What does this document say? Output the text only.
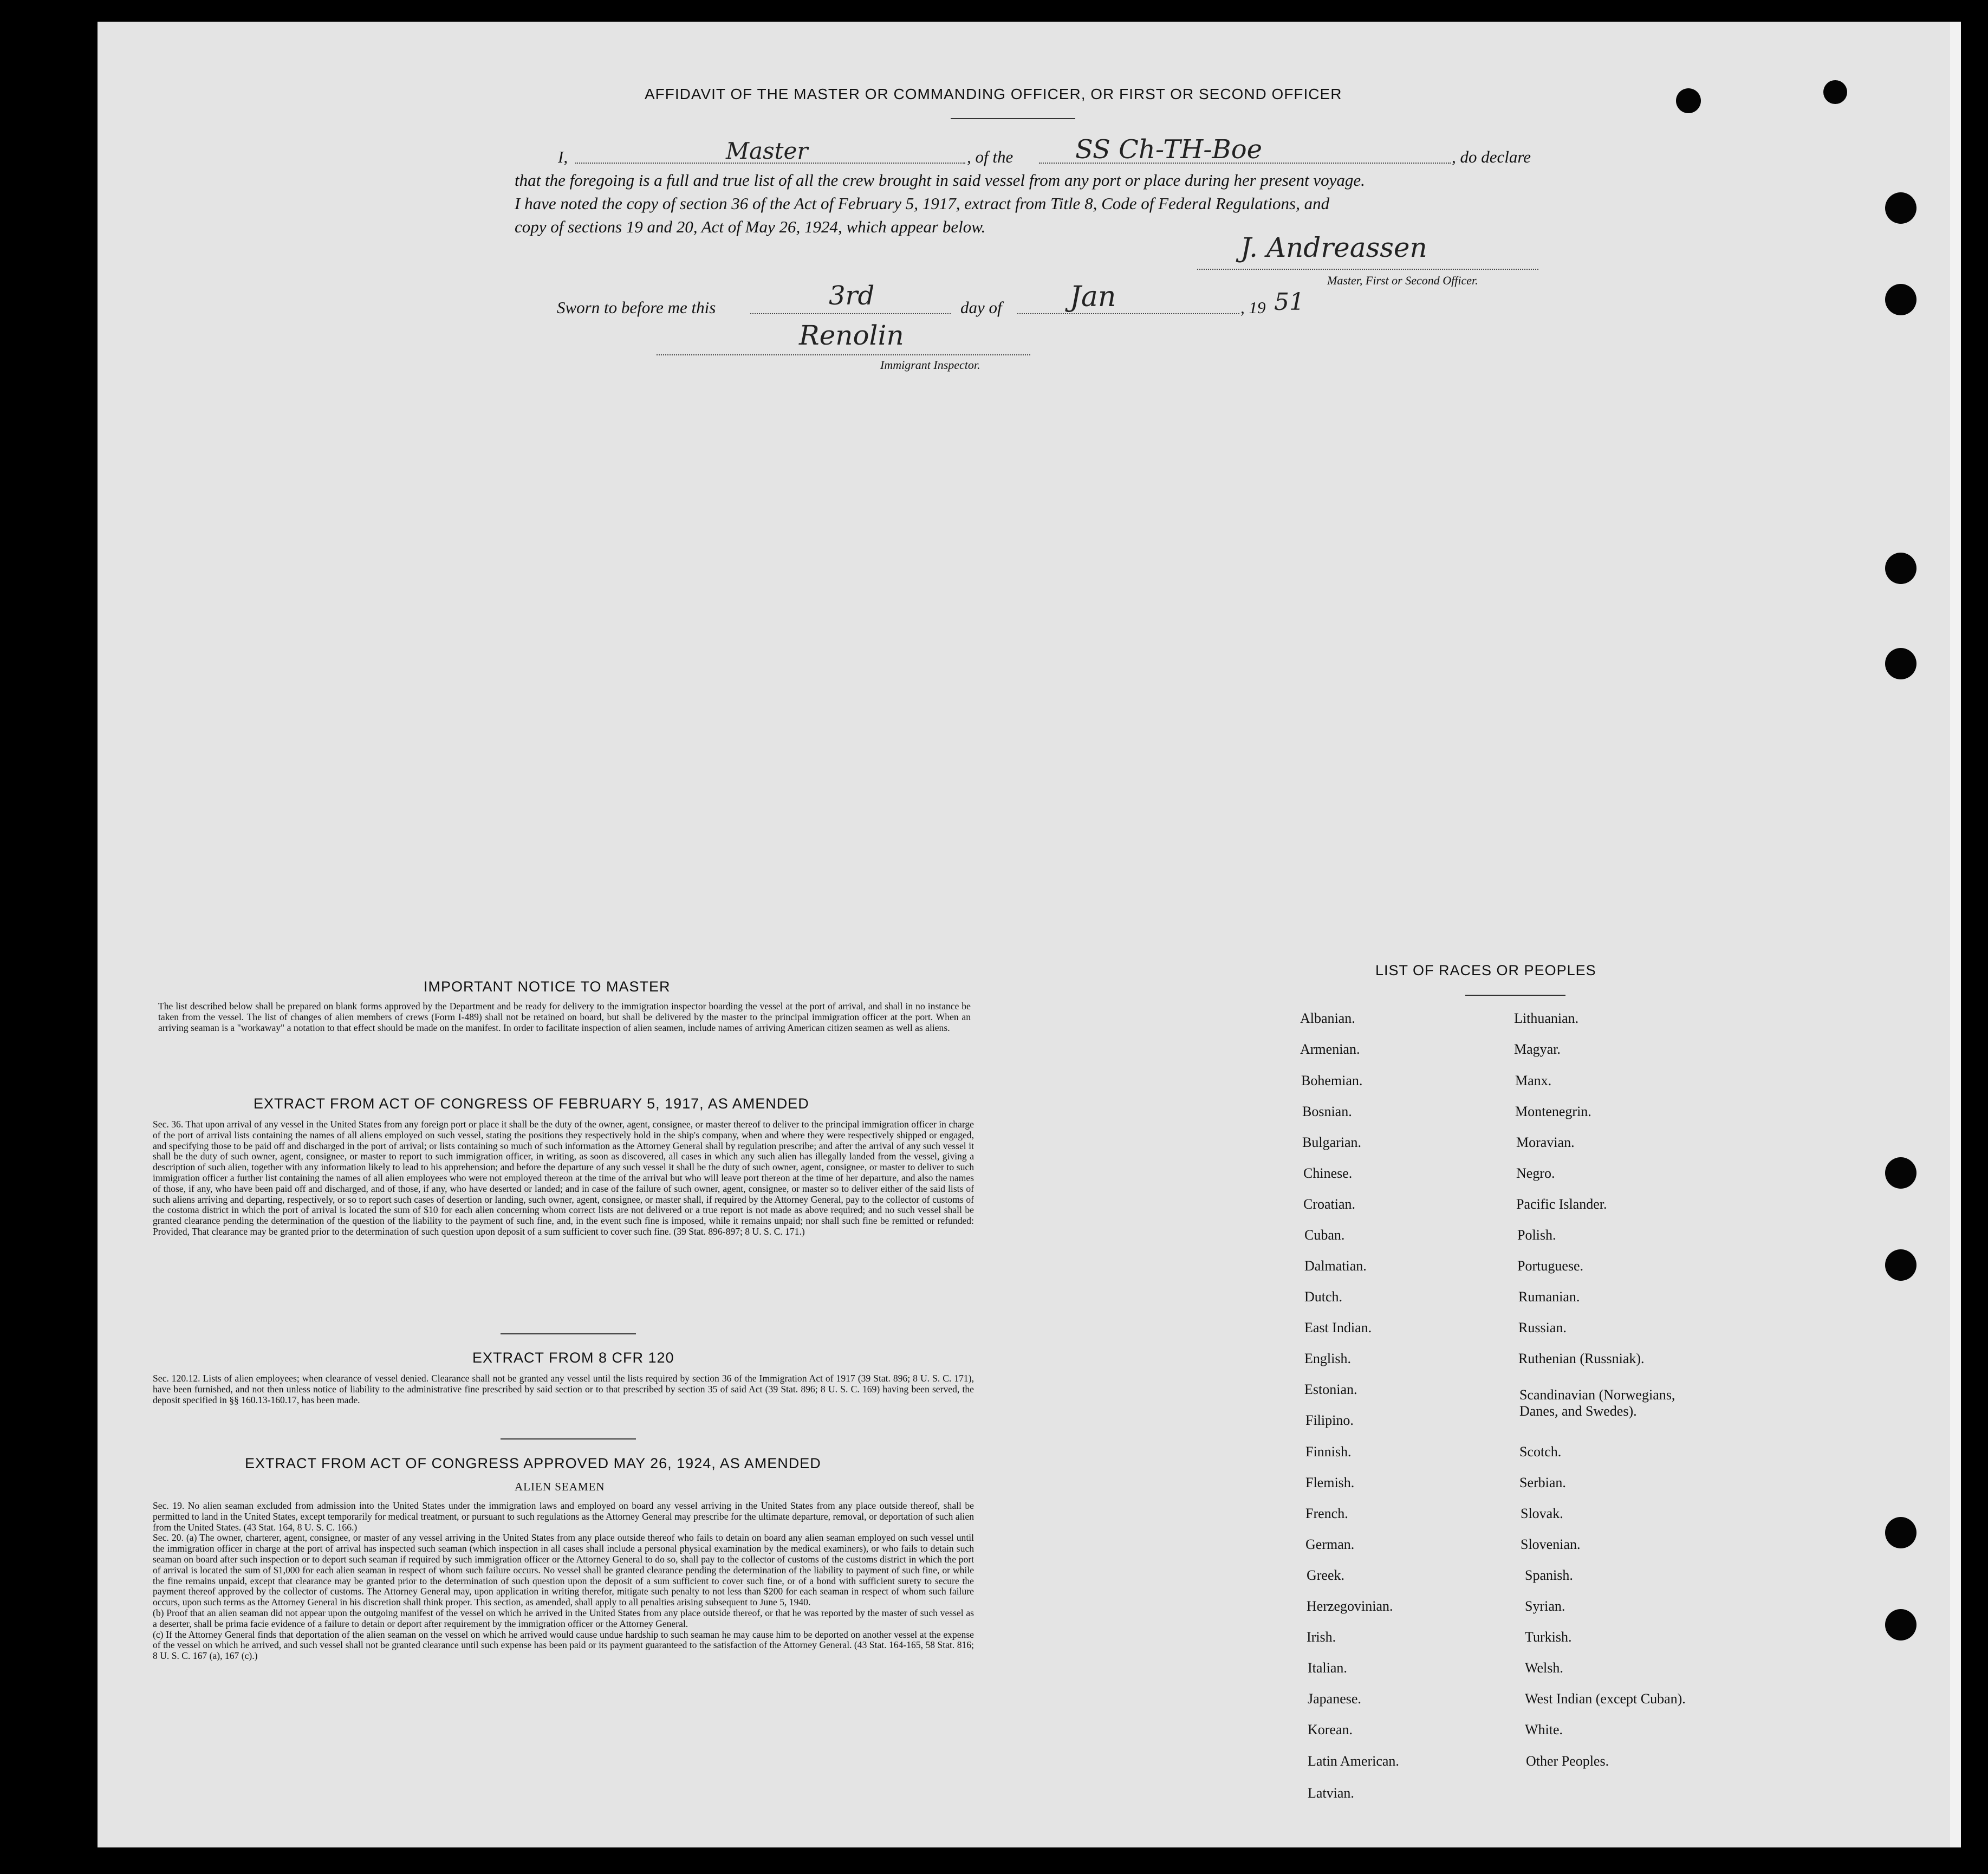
AFFIDAVIT OF THE MASTER OR COMMANDING OFFICER, OR FIRST OR SECOND OFFICER
I,	Master	, of the SS Ch-TH-Boe	, do declare
that the foregoing is a full and true list of all the crew brought in said vessel from any port or place during her present voyage.
I have noted the copy of section 36 of the Act of February 5, 1917, extract from Title 8, Code of Federal Regulations, and
copy of sections 19 and 20, Act of May 26, 1924, which appear below.
J. Andreassen
Master, First or Second Officer.
Sworn to before me this	3rd	day of Jan	, 19 51
Renolin
Immigrant Inspector.
IMPORTANT NOTICE TO MASTER
The list described below shall be prepared on blank forms approved by the Department and be ready for delivery to the immigration inspector boarding the vessel at the port of arrival, and shall in no instance be taken from the vessel. The list of changes of alien members of crews (Form I-489) shall not be retained on board, but shall be delivered by the master to the principal immigration officer at the port. When an arriving seaman is a "workaway" a notation to that effect should be made on the manifest. In order to facilitate inspection of alien seamen, include names of arriving American citizen seamen as well as aliens.
EXTRACT FROM ACT OF CONGRESS OF FEBRUARY 5, 1917, AS AMENDED
Sec. 36. That upon arrival of any vessel in the United States from any foreign port or place it shall be the duty of the owner, agent, consignee, or master thereof to deliver to the principal immigration officer in charge of the port of arrival lists containing the names of all aliens employed on such vessel, stating the positions they respectively hold in the ship's company, when and where they were respectively shipped or engaged, and specifying those to be paid off and discharged in the port of arrival; or lists containing so much of such information as the Attorney General shall by regulation prescribe; and after the arrival of any such vessel it shall be the duty of such owner, agent, consignee, or master to report to such immigration officer, in writing, as soon as discovered, all cases in which any such alien has illegally landed from the vessel, giving a description of such alien, together with any information likely to lead to his apprehension; and before the departure of any such vessel it shall be the duty of such owner, agent, consignee, or master to deliver to such immigration officer a further list containing the names of all alien employees who were not employed thereon at the time of the arrival but who will leave port thereon at the time of her departure, and also the names of those, if any, who have been paid off and discharged, and of those, if any, who have deserted or landed; and in case of the failure of such owner, agent, consignee, or master so to deliver either of the said lists of such aliens arriving and departing, respectively, or so to report such cases of desertion or landing, such owner, agent, consignee, or master shall, if required by the Attorney General, pay to the collector of customs of the costoma district in which the port of arrival is located the sum of $10 for each alien concerning whom correct lists are not delivered or a true report is not made as above required; and no such vessel shall be granted clearance pending the determination of the question of the liability to the payment of such fine, and, in the event such fine is imposed, while it remains unpaid; nor shall such fine be remitted or refunded: Provided, That clearance may be granted prior to the determination of such question upon deposit of a sum sufficient to cover such fine. (39 Stat. 896-897; 8 U. S. C. 171.)
EXTRACT FROM 8 CFR 120
Sec. 120.12. Lists of alien employees; when clearance of vessel denied. Clearance shall not be granted any vessel until the lists required by section 36 of the Immigration Act of 1917 (39 Stat. 896; 8 U. S. C. 171), have been furnished, and not then unless notice of liability to the administrative fine prescribed by said section or to that prescribed by section 35 of said Act (39 Stat. 896; 8 U. S. C. 169) having been served, the deposit specified in §§ 160.13-160.17, has been made.
EXTRACT FROM ACT OF CONGRESS APPROVED MAY 26, 1924, AS AMENDED
ALIEN SEAMEN

Sec. 19. No alien seaman excluded from admission into the United States under the immigration laws and employed on board any vessel arriving in the United States from any place outside thereof, shall be permitted to land in the United States, except temporarily for medical treatment, or pursuant to such regulations as the Attorney General may prescribe for the ultimate departure, removal, or deportation of such alien from the United States. (43 Stat. 164, 8 U. S. C. 166.)

Sec. 20. (a) The owner, charterer, agent, consignee, or master of any vessel arriving in the United States from any place outside thereof who fails to detain on board any alien seaman employed on such vessel until the immigration officer in charge at the port of arrival has inspected such seaman (which inspection in all cases shall include a personal physical examination by the medical examiners), or who fails to detain such seaman on board after such inspection or to deport such seaman if required by such immigration officer or the Attorney General to do so, shall pay to the collector of customs of the customs district in which the port of arrival is located the sum of $1,000 for each alien seaman in respect of whom such failure occurs. No vessel shall be granted clearance pending the determination of the liability to payment of such fine, or while the fine remains unpaid, except that clearance may be granted prior to the determination of such question upon the deposit of a sum sufficient to cover such fine, or of a bond with sufficient surety to secure the payment thereof approved by the collector of customs. The Attorney General may, upon application in writing therefor, mitigate such penalty to not less than $200 for each seaman in respect of whom such failure occurs, upon such terms as the Attorney General in his discretion shall think proper. This section, as amended, shall apply to all penalties arising subsequent to June 5, 1940.

(b) Proof that an alien seaman did not appear upon the outgoing manifest of the vessel on which he arrived in the United States from any place outside thereof, or that he was reported by the master of such vessel as a deserter, shall be prima facie evidence of a failure to detain or deport after requirement by the immigration officer or the Attorney General.

(c) If the Attorney General finds that deportation of the alien seaman on the vessel on which he arrived would cause undue hardship to such seaman he may cause him to be deported on another vessel at the expense of the vessel on which he arrived, and such vessel shall not be granted clearance until such expense has been paid or its payment guaranteed to the satisfaction of the Attorney General. (43 Stat. 164-165, 58 Stat. 816; 8 U. S. C. 167 (a), 167 (c).)

LIST OF RACES OR PEOPLES
Albanian.
Armenian.
Bohemian.
Bosnian.
Bulgarian.
Chinese.
Croatian.
Cuban.
Dalmatian.
Dutch.
East Indian.
English.
Estonian.
Filipino.
Finnish.
Flemish.
French.
German.
Greek.
Herzegovinian.
Irish.
Italian.
Japanese.
Korean.
Latin American.
Latvian.
Lithuanian.
Magyar.
Manx.
Montenegrin.
Moravian.
Negro.
Pacific Islander.
Polish.
Portuguese.
Rumanian.
Russian.
Ruthenian (Russniak).
Scandinavian (Norwegians, Danes, and Swedes).
Scotch.
Serbian.
Slovak.
Slovenian.
Spanish.
Syrian.
Turkish.
Welsh.
West Indian (except Cuban).
White.
Other Peoples.
